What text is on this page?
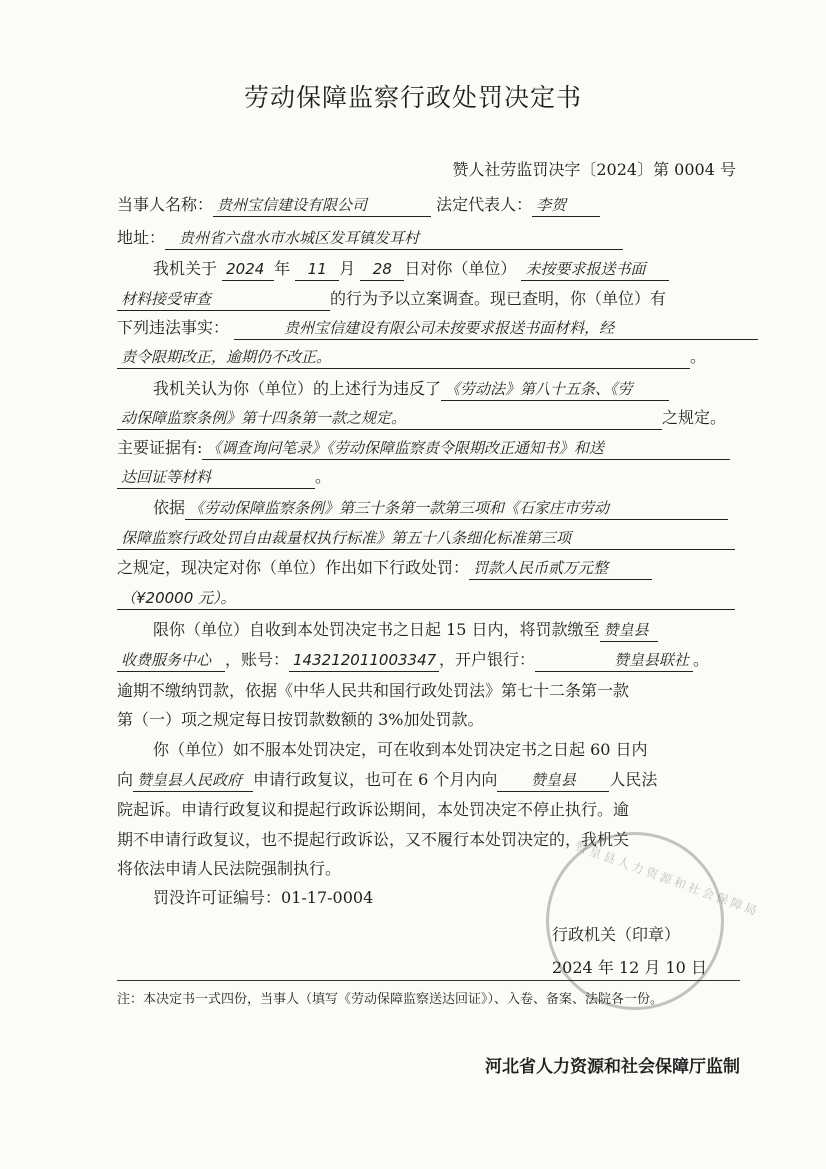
劳动保障监察行政处罚决定书
赞人社劳监罚决字〔2024〕第 0004 号
当事人名称： 贵州宝信建设有限公司	法定代表人： 李贺
地址： 贵州省六盘水市水城区发耳镇发耳村
我机关于 2024 年 11 月 28 日对你（单位） 未按要求报送书面
材料接受审查	的行为予以立案调查。现已查明，你（单位）有
下列违法事实：	贵州宝信建设有限公司未按要求报送书面材料，经
责令限期改正，逾期仍不改正。	。
我机关认为你（单位）的上述行为违反了 《劳动法》第八十五条、《劳
动保障监察条例》第十四条第一款之规定。	之规定。
主要证据有: 《调查询问笔录》《劳动保障监察责令限期改正通知书》和送
达回证等材料	。
依据 《劳动保障监察条例》第三十条第一款第三项和《石家庄市劳动
保障监察行政处罚自由裁量权执行标准》第五十八条细化标准第三项
之规定，现决定对你（单位）作出如下行政处罚： 罚款人民币贰万元整
（¥20000 元）。
限你（单位）自收到本处罚决定书之日起 15 日内，将罚款缴至 赞皇县
收费服务中心 ，账号： 143212011003347 ，开户银行：	赞皇县联社 。
逾期不缴纳罚款，依据《中华人民共和国行政处罚法》第七十二条第一款
第（一）项之规定每日按罚款数额的 3%加处罚款。
你（单位）如不服本处罚决定，可在收到本处罚决定书之日起 60 日内
向 赞皇县人民政府 申请行政复议，也可在 6 个月内向 赞皇县 人民法
院起诉。申请行政复议和提起行政诉讼期间，本处罚决定不停止执行。逾
期不申请行政复议，也不提起行政诉讼，又不履行本处罚决定的，我机关
将依法申请人民法院强制执行。
罚没许可证编号：01-17-0004	赞皇县人力资源和社会保障局
行政机关（印章）
2024 年 12 月 10 日
注：本决定书一式四份，当事人（填写《劳动保障监察送达回证》）、入卷、备案、法院各一份。
河北省人力资源和社会保障厅监制
